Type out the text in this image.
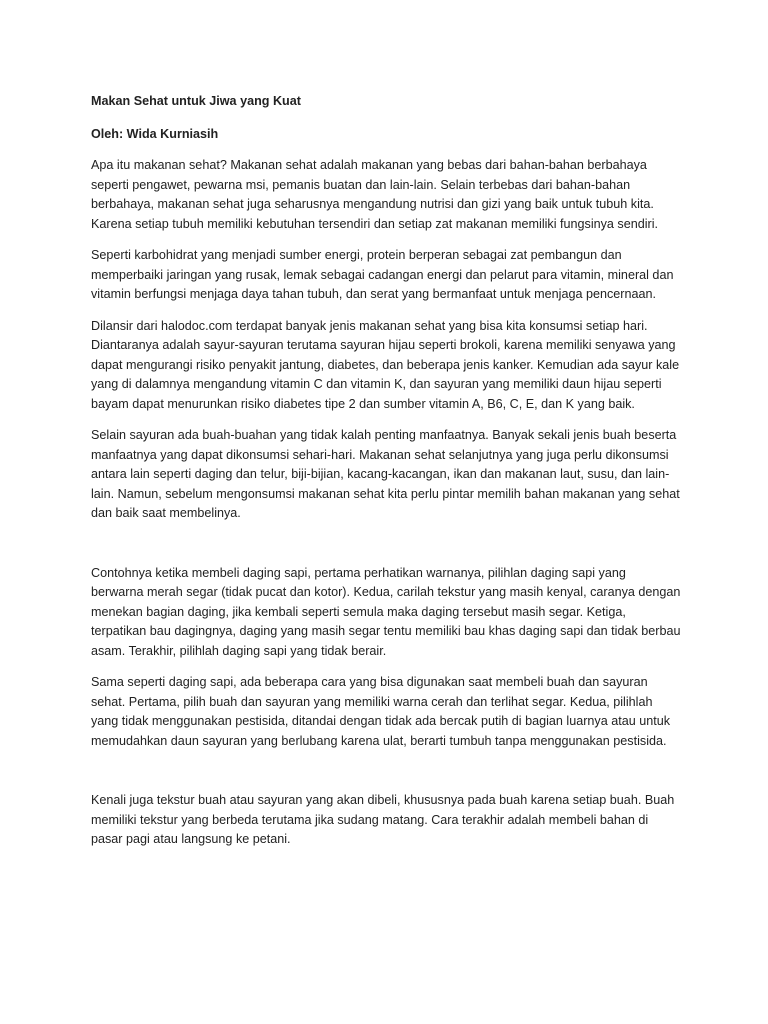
Makan Sehat untuk Jiwa yang Kuat
Oleh: Wida Kurniasih

Apa itu makanan sehat? Makanan sehat adalah makanan yang bebas dari bahan-bahan berbahaya seperti pengawet, pewarna msi, pemanis buatan dan lain-lain. Selain terbebas dari bahan-bahan berbahaya, makanan sehat juga seharusnya mengandung nutrisi dan gizi yang baik untuk tubuh kita. Karena setiap tubuh memiliki kebutuhan tersendiri dan setiap zat makanan memiliki fungsinya sendiri.

Seperti karbohidrat yang menjadi sumber energi, protein berperan sebagai zat pembangun dan memperbaiki jaringan yang rusak, lemak sebagai cadangan energi dan pelarut para vitamin, mineral dan vitamin berfungsi menjaga daya tahan tubuh, dan serat yang bermanfaat untuk menjaga pencernaan.

Dilansir dari halodoc.com terdapat banyak jenis makanan sehat yang bisa kita konsumsi setiap hari. Diantaranya adalah sayur-sayuran terutama sayuran hijau seperti brokoli, karena memiliki senyawa yang dapat mengurangi risiko penyakit jantung, diabetes, dan beberapa jenis kanker. Kemudian ada sayur kale yang di dalamnya mengandung vitamin C dan vitamin K, dan sayuran yang memiliki daun hijau seperti bayam dapat menurunkan risiko diabetes tipe 2 dan sumber vitamin A, B6, C, E, dan K yang baik.

Selain sayuran ada buah-buahan yang tidak kalah penting manfaatnya. Banyak sekali jenis buah beserta manfaatnya yang dapat dikonsumsi sehari-hari. Makanan sehat selanjutnya yang juga perlu dikonsumsi antara lain seperti daging dan telur, biji-bijian, kacang-kacangan, ikan dan makanan laut, susu, dan lain-lain. Namun, sebelum mengonsumsi makanan sehat kita perlu pintar memilih bahan makanan yang sehat dan baik saat membelinya.

Contohnya ketika membeli daging sapi, pertama perhatikan warnanya, pilihlan daging sapi yang berwarna merah segar (tidak pucat dan kotor). Kedua, carilah tekstur yang masih kenyal, caranya dengan menekan bagian daging, jika kembali seperti semula maka daging tersebut masih segar. Ketiga, terpatikan bau dagingnya, daging yang masih segar tentu memiliki bau khas daging sapi dan tidak berbau asam. Terakhir, pilihlah daging sapi yang tidak berair.

Sama seperti daging sapi, ada beberapa cara yang bisa digunakan saat membeli buah dan sayuran sehat. Pertama, pilih buah dan sayuran yang memiliki warna cerah dan terlihat segar. Kedua, pilihlah yang tidak menggunakan pestisida, ditandai dengan tidak ada bercak putih di bagian luarnya atau untuk memudahkan daun sayuran yang berlubang karena ulat, berarti tumbuh tanpa menggunakan pestisida.

Kenali juga tekstur buah atau sayuran yang akan dibeli, khususnya pada buah karena setiap buah. Buah memiliki tekstur yang berbeda terutama jika sudang matang. Cara terakhir adalah membeli bahan di pasar pagi atau langsung ke petani.
